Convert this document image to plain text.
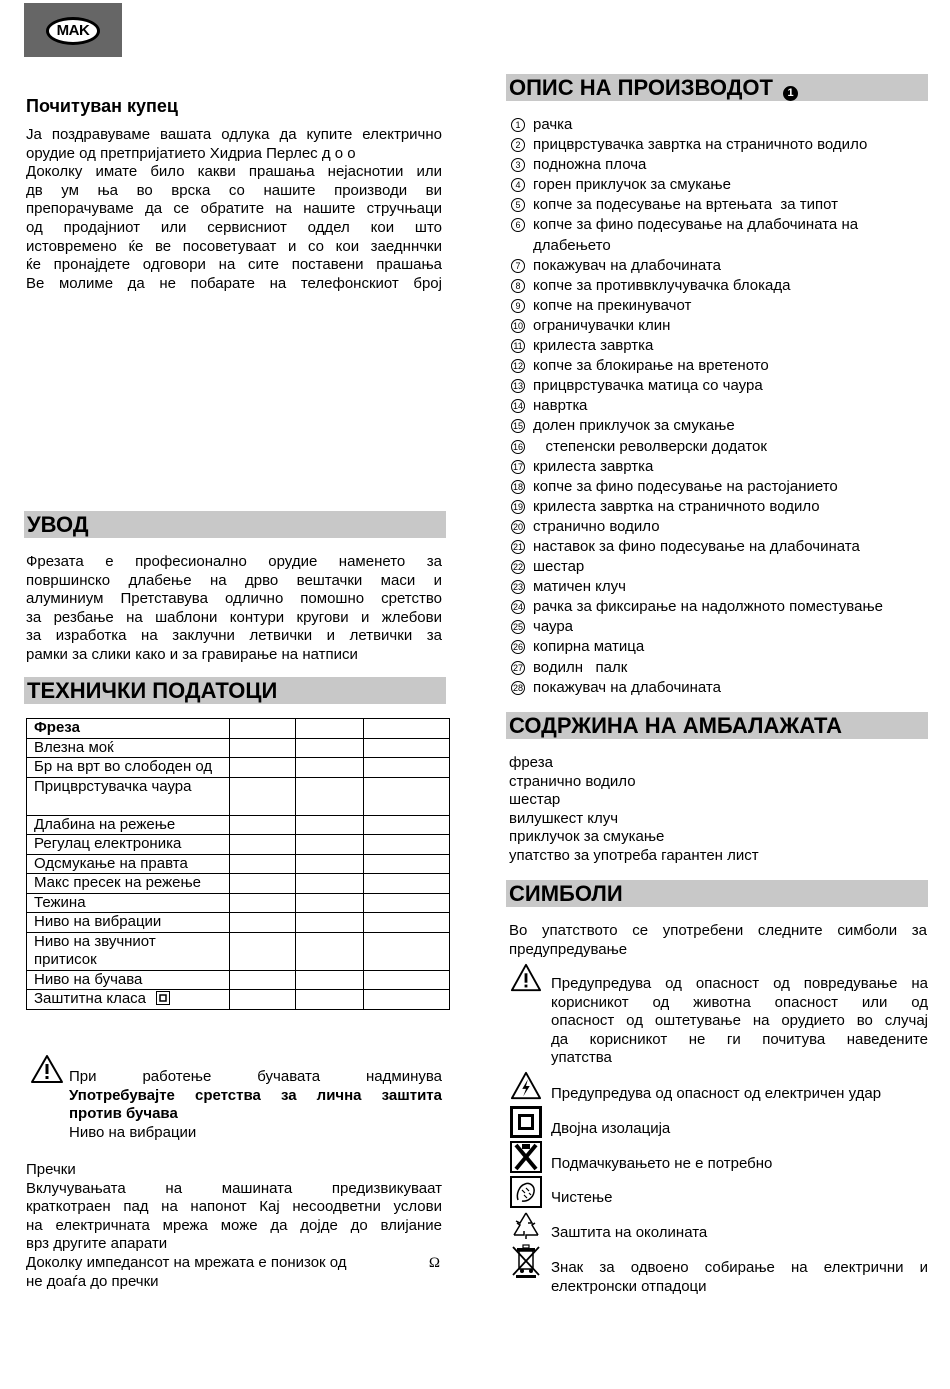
MAK
Почитуван купец

Ја поздравуваме вашата одлука да купите електрично

орудие од претпријатието Хидриа Перлес д о о

Доколку имате било какви прашања нејаснотии или

дв ум њa во врска со нашите производи ви

препорачуваме да се обратите на нашите стручњаци

од продајниот или сервисниот оддел кои што

истовремено ќе ве посоветуваат и со кои заедннчки

ќе пронајдете одговори на сите поставени прашања

Ве молиме да не побарате на телефонскиот број

УВОД

Фрезата е професионално орудие наменето за

површинско длабење на дрво вештачки маси и

алуминиум Претставува одлично помошно сретство

за резбање на шаблони контури кругови и жлебови

за изработка на заклучни летвички и летвички за

рамки за слики како и за гравирање на натписи

ТЕХНИЧКИ ПОДАТОЦИ
Фреза			
Влезна моќ			
Бр на врт во слободен од			
Прицврстувачка чаура			
Длабина на режење			
Регулац електроника			
Одсмукање на правта			
Макс пресек на режење			
Тежина			
Ниво на вибрации			
Ниво на звучниот притисок			
Ниво на бучава			
Заштитна класа			

При работење бучавата надминува

Употребувајте сретства за лична заштита

против бучава

Ниво на вибрации

Пречки

Вклучувањата на машината предизвикуваат

краткотраен пад на напонот Кај несоодветни услови

на електричната мрежа може да дојде до влијание

врз другите апарати

Доколку импедансот на мрежата е понизок од	Ω

не доаѓа до пречки

ОПИС НА ПРОИЗВОДОТ 1
1 рачка
2 прицврстувачка завртка на страничното водило
3 подножна плоча
4 горен приклучок за смукање
5 копче за подесување на вртењата  за типот
6 копче за фино подесување на длабочината на длабењето
7 покажувач на длабочината
8 копче за противвклучувачка блокада
9 копче на прекинувачот
10 ограничувачки клин
11 крилеста завртка
12 копче за блокирање на вретеното
13 прицврстувачка матица со чаура
14 наврткa
15 долен приклучок за смукање
16 степенски револверски додаток
17 крилеста завртка
18 копче за фино подесување на растојанието
19 крилеста завртка на страничното водило
20 странично водило
21 наставок за фино подесување на длабочината
22 шестар
23 матичен клуч
24 рачка за фиксирање на надолжното поместување
25 чаура
26 копирна матица
27 водилн   палк
28 покажувач на длабочината
СОДРЖИНА НА АМБАЛАЖАТА

фреза

странично водило

шестар

вилушкест клуч

приклучок за смукање

упатство за употреба гарантен лист

СИМБОЛИ

Во упатството се употребени следните симболи за

предупредување

Предупредува од опасност од повредување на

корисникот од животна опасност или од

опасност од оштетување на орудието во случај

да корисникот не ги почитува наведените

упатства

Предупредува од опасност од електричен удар

Двојна изолација

Подмачкувањето не е потребно

Чистење

Заштита на околината

Знак за одвоено собирање на електрични и

електронски отпадоци
